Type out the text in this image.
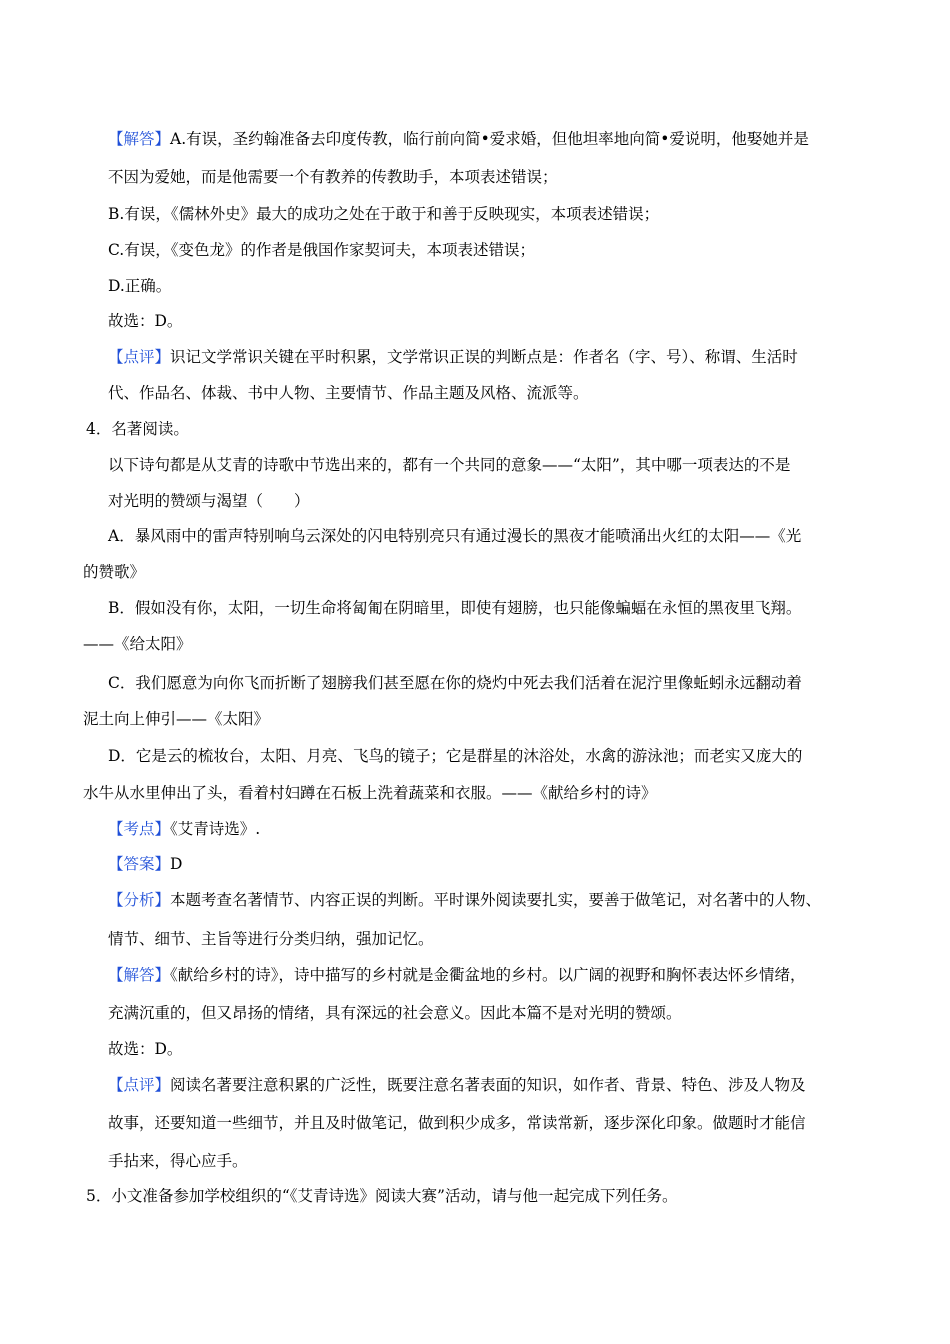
【解答】A.有误，圣约翰准备去印度传教，临行前向简•爱求婚，但他坦率地向简•爱说明，他娶她并是
不因为爱她，而是他需要一个有教养的传教助手，本项表述错误；
B.有误，《儒林外史》最大的成功之处在于敢于和善于反映现实，本项表述错误；
C.有误，《变色龙》的作者是俄国作家契诃夫，本项表述错误；
D.正确。
故选：D。
【点评】识记文学常识关键在平时积累，文学常识正误的判断点是：作者名（字、号）、称谓、生活时
代、作品名、体裁、书中人物、主要情节、作品主题及风格、流派等。
4．名著阅读。
以下诗句都是从艾青的诗歌中节选出来的，都有一个共同的意象——“太阳”，其中哪一项表达的不是
对光明的赞颂与渴望（　　）
A．暴风雨中的雷声特别响乌云深处的闪电特别亮只有通过漫长的黑夜才能喷涌出火红的太阳——《光
的赞歌》
B．假如没有你，太阳，一切生命将匐匍在阴暗里，即使有翅膀，也只能像蝙蝠在永恒的黑夜里飞翔。
——《给太阳》
C．我们愿意为向你飞而折断了翅膀我们甚至愿在你的烧灼中死去我们活着在泥泞里像蚯蚓永远翻动着
泥土向上伸引——《太阳》
D．它是云的梳妆台，太阳、月亮、飞鸟的镜子；它是群星的沐浴处，水禽的游泳池；而老实又庞大的
水牛从水里伸出了头，看着村妇蹲在石板上洗着蔬菜和衣服。——《献给乡村的诗》
【考点】《艾青诗选》.
【答案】D
【分析】本题考查名著情节、内容正误的判断。平时课外阅读要扎实，要善于做笔记，对名著中的人物、
情节、细节、主旨等进行分类归纳，强加记忆。
【解答】《献给乡村的诗》，诗中描写的乡村就是金衢盆地的乡村。以广阔的视野和胸怀表达怀乡情绪，
充满沉重的，但又昂扬的情绪，具有深远的社会意义。因此本篇不是对光明的赞颂。
故选：D。
【点评】阅读名著要注意积累的广泛性，既要注意名著表面的知识，如作者、背景、特色、涉及人物及
故事，还要知道一些细节，并且及时做笔记，做到积少成多，常读常新，逐步深化印象。做题时才能信
手拈来，得心应手。
5．小文准备参加学校组织的“《艾青诗选》阅读大赛”活动，请与他一起完成下列任务。
